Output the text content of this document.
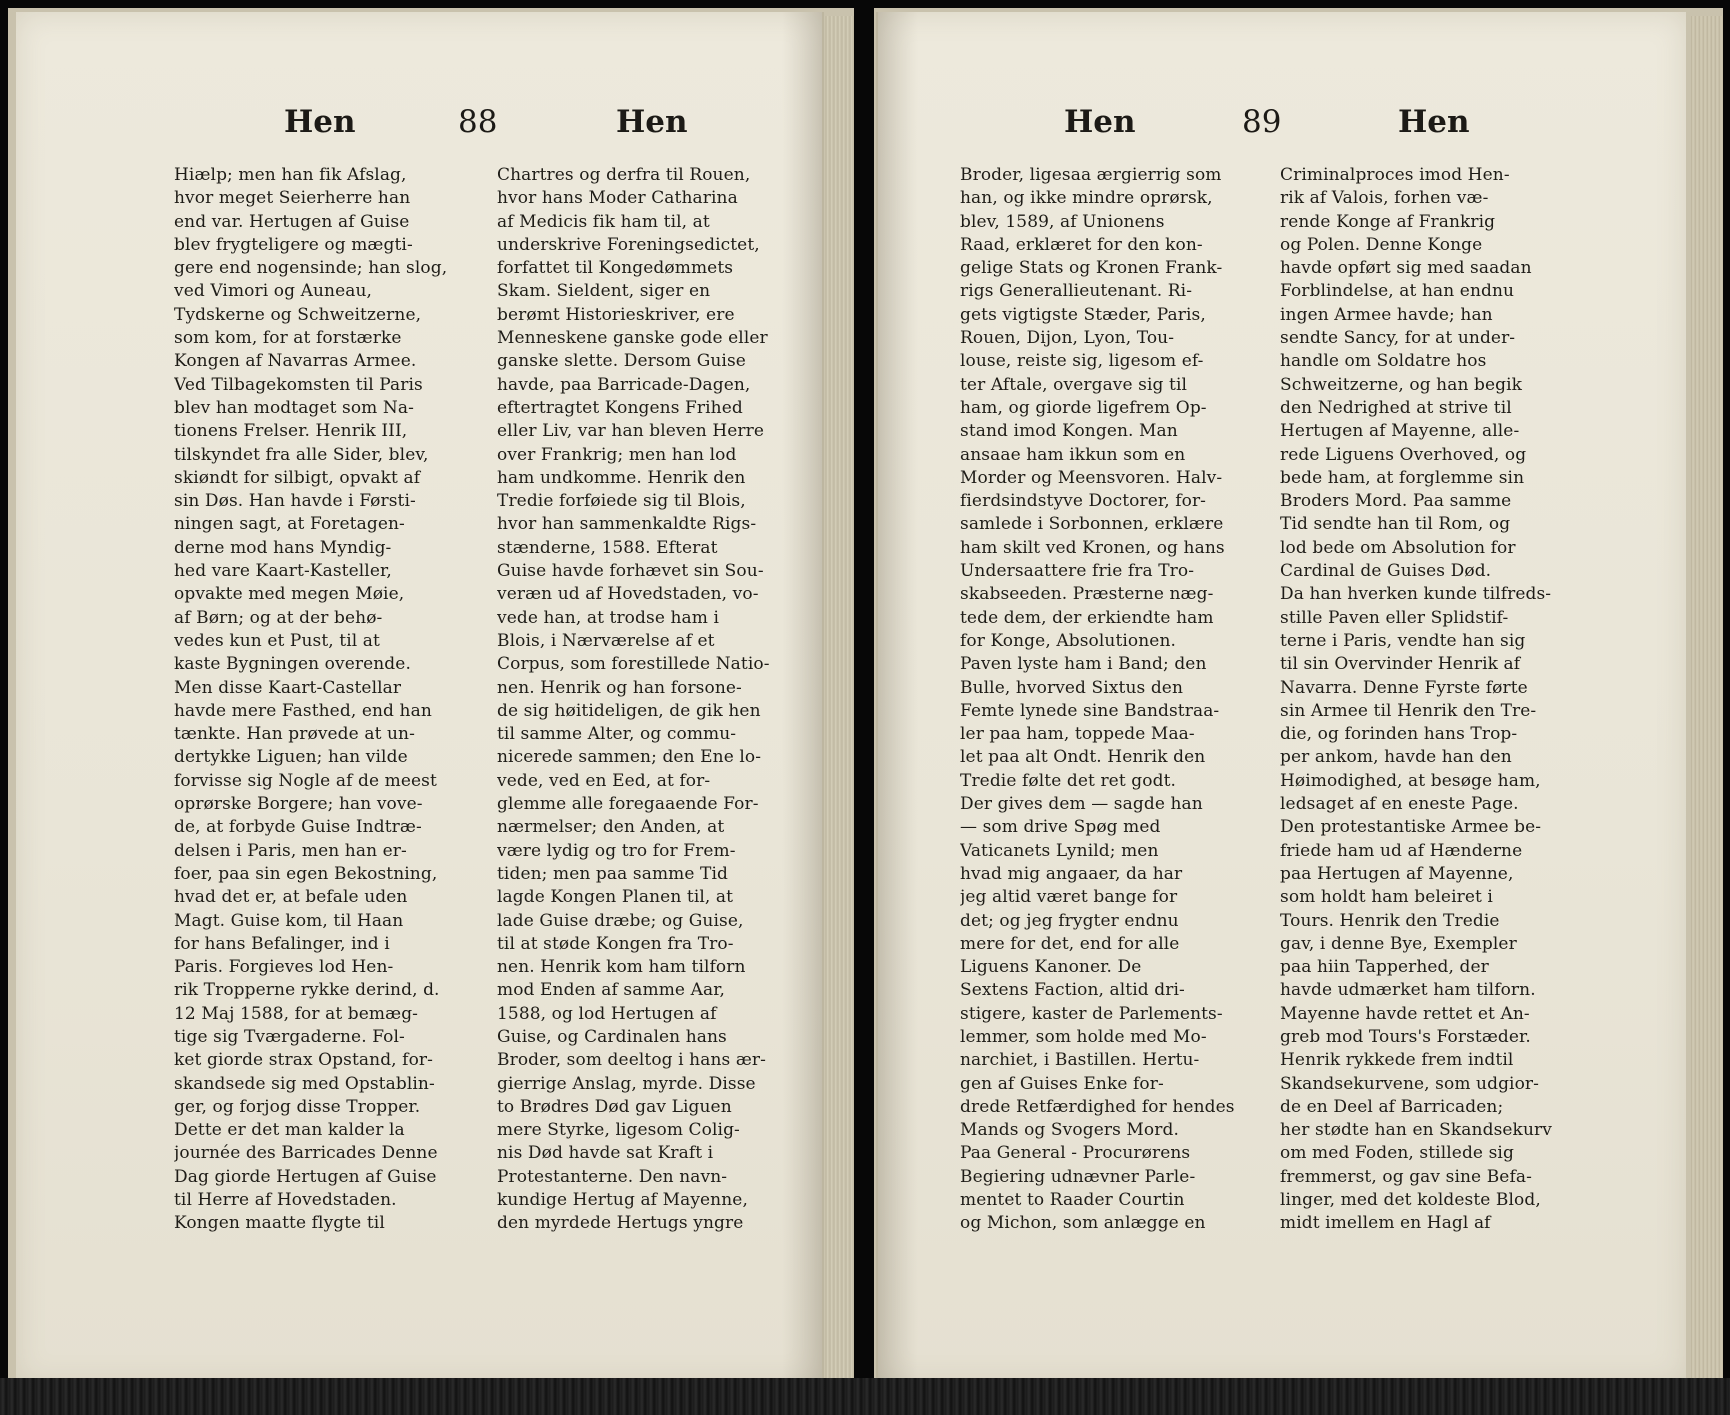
Hen	88	Hen
Hiælp; men han fik Afslag,
hvor meget Seierherre han
end var. Hertugen af Guise
blev frygteligere og mægti-
gere end nogensinde; han slog,
ved Vimori og Auneau,
Tydskerne og Schweitzerne,
som kom, for at forstærke
Kongen af Navarras Armee.
Ved Tilbagekomsten til Paris
blev han modtaget som Na-
tionens Frelser. Henrik III,
tilskyndet fra alle Sider, blev,
skiøndt for silbigt, opvakt af
sin Døs. Han havde i Førsti-
ningen sagt, at Foretagen-
derne mod hans Myndig-
hed vare Kaart-Kasteller,
opvakte med megen Møie,
af Børn; og at der behø-
vedes kun et Pust, til at
kaste Bygningen overende.
Men disse Kaart-Castellar
havde mere Fasthed, end han
tænkte. Han prøvede at un-
dertykke Liguen; han vilde
forvisse sig Nogle af de meest
oprørske Borgere; han vove-
de, at forbyde Guise Indtræ-
delsen i Paris, men han er-
foer, paa sin egen Bekostning,
hvad det er, at befale uden
Magt. Guise kom, til Haan
for hans Befalinger, ind i
Paris. Forgieves lod Hen-
rik Tropperne rykke derind, d.
12 Maj 1588, for at bemæg-
tige sig Tværgaderne. Fol-
ket giorde strax Opstand, for-
skandsede sig med Opstablin-
ger, og forjog disse Tropper.
Dette er det man kalder la
journée des Barricades Denne
Dag giorde Hertugen af Guise
til Herre af Hovedstaden.
Kongen maatte flygte til
Chartres og derfra til Rouen,
hvor hans Moder Catharina
af Medicis fik ham til, at
underskrive Foreningsedictet,
forfattet til Kongedømmets
Skam. Sieldent, siger en
berømt Historieskriver, ere
Menneskene ganske gode eller
ganske slette. Dersom Guise
havde, paa Barricade-Dagen,
eftertragtet Kongens Frihed
eller Liv, var han bleven Herre
over Frankrig; men han lod
ham undkomme. Henrik den
Tredie forføiede sig til Blois,
hvor han sammenkaldte Rigs-
stænderne, 1588. Efterat
Guise havde forhævet sin Sou-
veræn ud af Hovedstaden, vo-
vede han, at trodse ham i
Blois, i Nærværelse af et
Corpus, som forestillede Natio-
nen. Henrik og han forsone-
de sig høitideligen, de gik hen
til samme Alter, og commu-
nicerede sammen; den Ene lo-
vede, ved en Eed, at for-
glemme alle foregaaende For-
nærmelser; den Anden, at
være lydig og tro for Frem-
tiden; men paa samme Tid
lagde Kongen Planen til, at
lade Guise dræbe; og Guise,
til at støde Kongen fra Tro-
nen. Henrik kom ham tilforn
mod Enden af samme Aar,
1588, og lod Hertugen af
Guise, og Cardinalen hans
Broder, som deeltog i hans ær-
gierrige Anslag, myrde. Disse
to Brødres Død gav Liguen
mere Styrke, ligesom Colig-
nis Død havde sat Kraft i
Protestanterne. Den navn-
kundige Hertug af Mayenne,
den myrdede Hertugs yngre
Hen	89	Hen
Broder, ligesaa ærgierrig som
han, og ikke mindre oprørsk,
blev, 1589, af Unionens
Raad, erklæret for den kon-
gelige Stats og Kronen Frank-
rigs Generallieutenant. Ri-
gets vigtigste Stæder, Paris,
Rouen, Dijon, Lyon, Tou-
louse, reiste sig, ligesom ef-
ter Aftale, overgave sig til
ham, og giorde ligefrem Op-
stand imod Kongen. Man
ansaae ham ikkun som en
Morder og Meensvoren. Halv-
fierdsindstyve Doctorer, for-
samlede i Sorbonnen, erklære
ham skilt ved Kronen, og hans
Undersaattere frie fra Tro-
skabseeden. Præsterne næg-
tede dem, der erkiendte ham
for Konge, Absolutionen.
Paven lyste ham i Band; den
Bulle, hvorved Sixtus den
Femte lynede sine Bandstraa-
ler paa ham, toppede Maa-
let paa alt Ondt. Henrik den
Tredie følte det ret godt.
Der gives dem — sagde han
— som drive Spøg med
Vaticanets Lynild; men
hvad mig angaaer, da har
jeg altid været bange for
det; og jeg frygter endnu
mere for det, end for alle
Liguens Kanoner. De
Sextens Faction, altid dri-
stigere, kaster de Parlements-
lemmer, som holde med Mo-
narchiet, i Bastillen. Hertu-
gen af Guises Enke for-
drede Retfærdighed for hendes
Mands og Svogers Mord.
Paa General - Procurørens
Begiering udnævner Parle-
mentet to Raader Courtin
og Michon, som anlægge en
Criminalproces imod Hen-
rik af Valois, forhen væ-
rende Konge af Frankrig
og Polen. Denne Konge
havde opført sig med saadan
Forblindelse, at han endnu
ingen Armee havde; han
sendte Sancy, for at under-
handle om Soldatre hos
Schweitzerne, og han begik
den Nedrighed at strive til
Hertugen af Mayenne, alle-
rede Liguens Overhoved, og
bede ham, at forglemme sin
Broders Mord. Paa samme
Tid sendte han til Rom, og
lod bede om Absolution for
Cardinal de Guises Død.
Da han hverken kunde tilfreds-
stille Paven eller Splidstif-
terne i Paris, vendte han sig
til sin Overvinder Henrik af
Navarra. Denne Fyrste førte
sin Armee til Henrik den Tre-
die, og forinden hans Trop-
per ankom, havde han den
Høimodighed, at besøge ham,
ledsaget af en eneste Page.
Den protestantiske Armee be-
friede ham ud af Hænderne
paa Hertugen af Mayenne,
som holdt ham beleiret i
Tours. Henrik den Tredie
gav, i denne Bye, Exempler
paa hiin Tapperhed, der
havde udmærket ham tilforn.
Mayenne havde rettet et An-
greb mod Tours's Forstæder.
Henrik rykkede frem indtil
Skandsekurvene, som udgior-
de en Deel af Barricaden;
her stødte han en Skandsekurv
om med Foden, stillede sig
fremmerst, og gav sine Befa-
linger, med det koldeste Blod,
midt imellem en Hagl af
